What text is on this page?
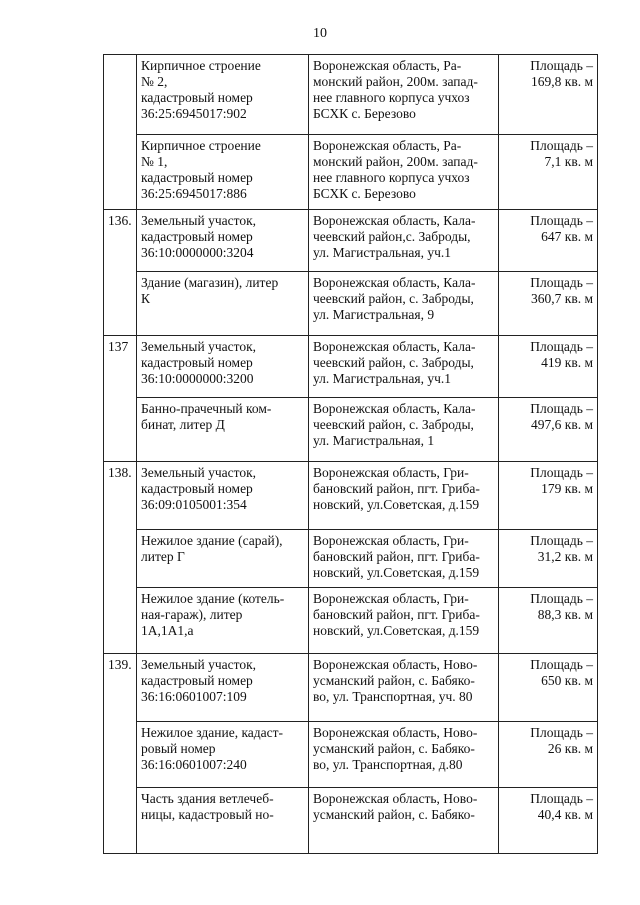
10

	Кирпичное строение
№ 2,
кадастровый номер
36:25:6945017:902	Воронежская область, Ра-
монский район, 200м. запад-
нее главного корпуса учхоз
БСХК с. Березово	Площадь –
169,8 кв. м

	Кирпичное строение
№ 1,
кадастровый номер
36:25:6945017:886	Воронежская область, Ра-
монский район, 200м. запад-
нее главного корпуса учхоз
БСХК с. Березово	Площадь –
7,1 кв. м

136.	Земельный участок,
кадастровый номер
36:10:0000000:3204	Воронежская область, Кала-
чеевский район,с. Заброды,
ул. Магистральная, уч.1	Площадь –
647 кв. м

	Здание (магазин), литер
К	Воронежская область, Кала-
чеевский район, с. Заброды,
ул. Магистральная, 9	Площадь –
360,7 кв. м

137	Земельный участок,
кадастровый номер
36:10:0000000:3200	Воронежская область, Кала-
чеевский район, с. Заброды,
ул. Магистральная, уч.1	Площадь –
419 кв. м

	Банно-прачечный ком-
бинат, литер Д	Воронежская область, Кала-
чеевский район, с. Заброды,
ул. Магистральная, 1	Площадь –
497,6 кв. м

138.	Земельный участок,
кадастровый номер
36:09:0105001:354	Воронежская область, Гри-
бановский район, пгт. Гриба-
новский, ул.Советская, д.159	Площадь –
179 кв. м

	Нежилое здание (сарай),
литер Г	Воронежская область, Гри-
бановский район, пгт. Гриба-
новский, ул.Советская, д.159	Площадь –
31,2 кв. м

	Нежилое здание (котель-
ная-гараж), литер
1А,1А1,а	Воронежская область, Гри-
бановский район, пгт. Гриба-
новский, ул.Советская, д.159	Площадь –
88,3 кв. м

139.	Земельный участок,
кадастровый номер
36:16:0601007:109	Воронежская область, Ново-
усманский район, с. Бабяко-
во, ул. Транспортная, уч. 80	Площадь –
650 кв. м

	Нежилое здание, кадаст-
ровый номер
36:16:0601007:240	Воронежская область, Ново-
усманский район, с. Бабяко-
во, ул. Транспортная, д.80	Площадь –
26 кв. м

	Часть здания ветлечеб-
ницы, кадастровый но-	Воронежская область, Ново-
усманский район, с. Бабяко-	Площадь –
40,4 кв. м
